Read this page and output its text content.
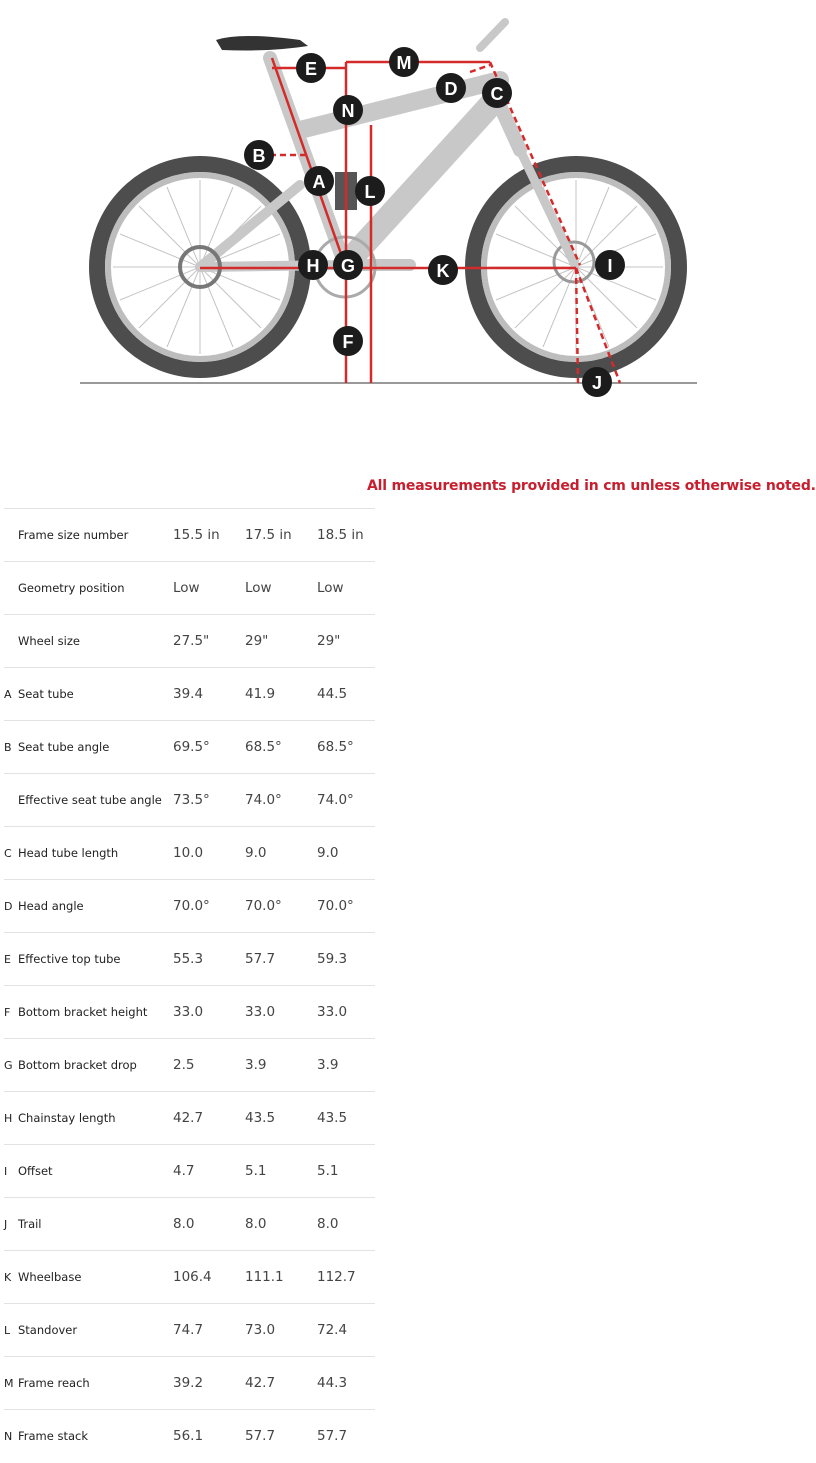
A
B
C
D
E
F
G
H	I
J
K
L
M
N
All measurements provided in cm unless otherwise noted.
	Frame size number	15.5 in	17.5 in	18.5 in
	Geometry position	Low	Low	Low
	Wheel size	27.5"	29"	29"
A	Seat tube	39.4	41.9	44.5
B	Seat tube angle	69.5°	68.5°	68.5°
	Effective seat tube angle	73.5°	74.0°	74.0°
C	Head tube length	10.0	9.0	9.0
D	Head angle	70.0°	70.0°	70.0°
E	Effective top tube	55.3	57.7	59.3
F	Bottom bracket height	33.0	33.0	33.0
G	Bottom bracket drop	2.5	3.9	3.9
H	Chainstay length	42.7	43.5	43.5
I	Offset	4.7	5.1	5.1
J	Trail	8.0	8.0	8.0
K	Wheelbase	106.4	111.1	112.7
L	Standover	74.7	73.0	72.4
M	Frame reach	39.2	42.7	44.3
N	Frame stack	56.1	57.7	57.7
